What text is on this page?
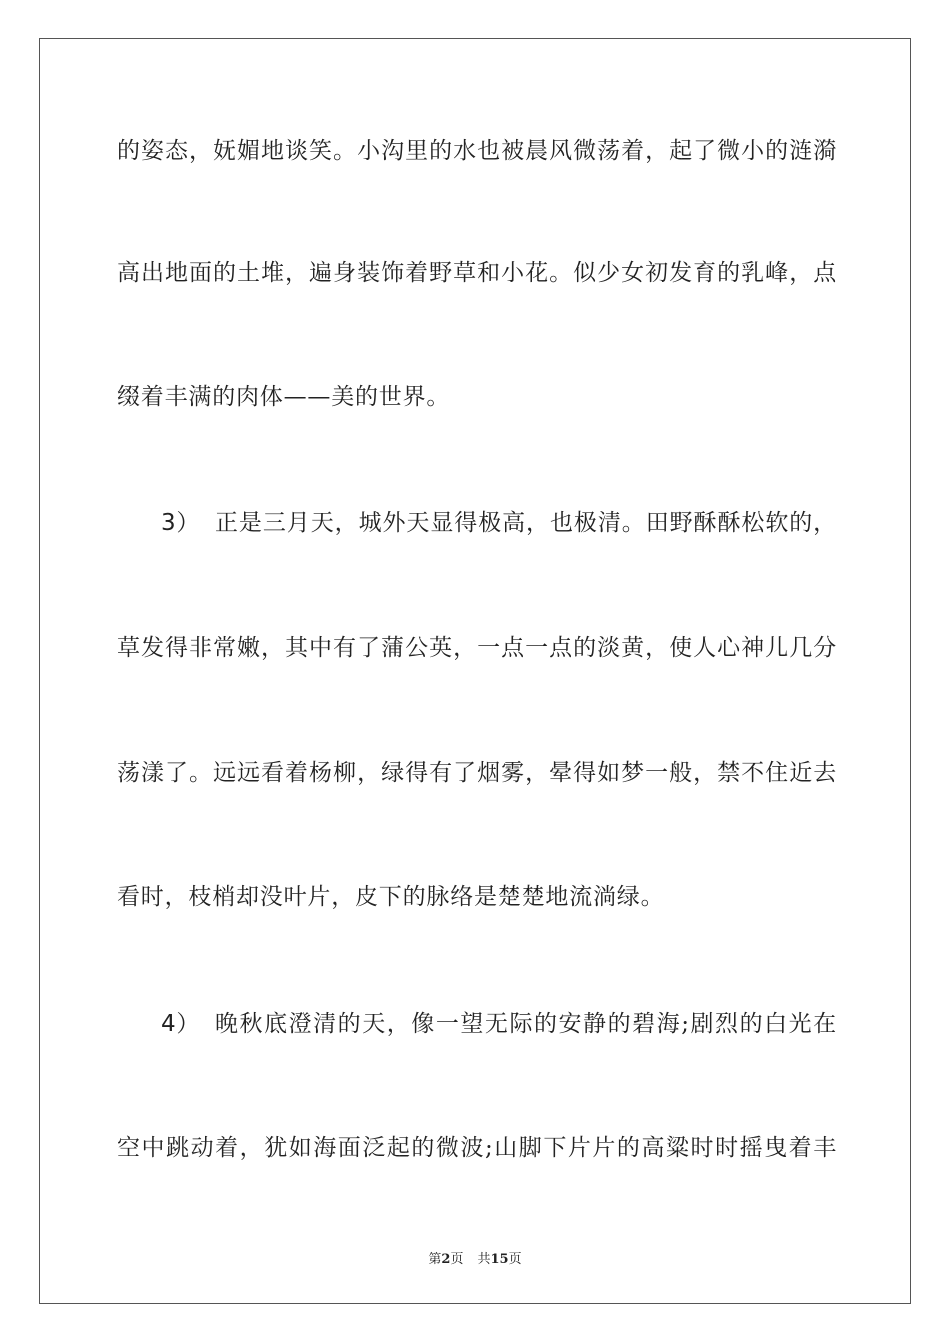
的姿态，妩媚地谈笑。小沟里的水也被晨风微荡着，起了微小的涟漪
高出地面的土堆，遍身装饰着野草和小花。似少女初发育的乳峰，点
缀着丰满的肉体——美的世界。
3） 正是三月天，城外天显得极高，也极清。田野酥酥松软的，
草发得非常嫩，其中有了蒲公英，一点一点的淡黄，使人心神儿几分
荡漾了。远远看着杨柳，绿得有了烟雾，晕得如梦一般，禁不住近去
看时，枝梢却没叶片，皮下的脉络是楚楚地流淌绿。
4） 晚秋底澄清的天，像一望无际的安静的碧海;剧烈的白光在
空中跳动着，犹如海面泛起的微波;山脚下片片的高粱时时摇曳着丰
第2页 共15页
